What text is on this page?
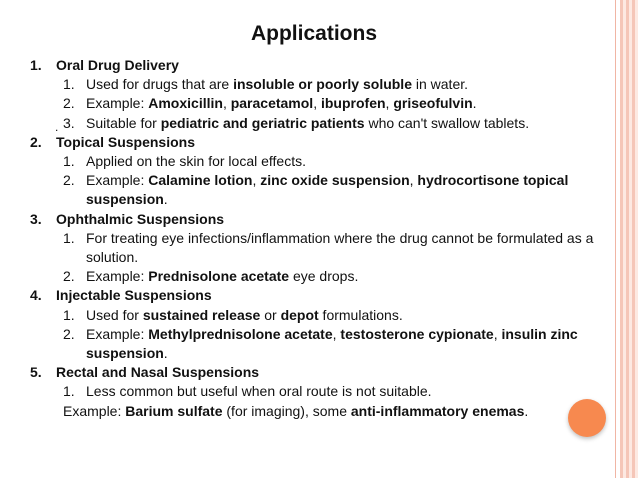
Applications
1.	Oral Drug Delivery
1. Used for drugs that are insoluble or poorly soluble in water.
2. Example: Amoxicillin, paracetamol, ibuprofen, griseofulvin.
3. Suitable for pediatric and geriatric patients who can't swallow tablets.
2.	Topical Suspensions
1. Applied on the skin for local effects.
2. Example: Calamine lotion, zinc oxide suspension, hydrocortisone topical suspension.
3.	Ophthalmic Suspensions
1. For treating eye infections/inflammation where the drug cannot be formulated as a solution.
2. Example: Prednisolone acetate eye drops.
4.	Injectable Suspensions
1. Used for sustained release or depot formulations.
2. Example: Methylprednisolone acetate, testosterone cypionate, insulin zinc suspension.
5.	Rectal and Nasal Suspensions
1. Less common but useful when oral route is not suitable.
Example: Barium sulfate (for imaging), some anti-inflammatory enemas.
.
